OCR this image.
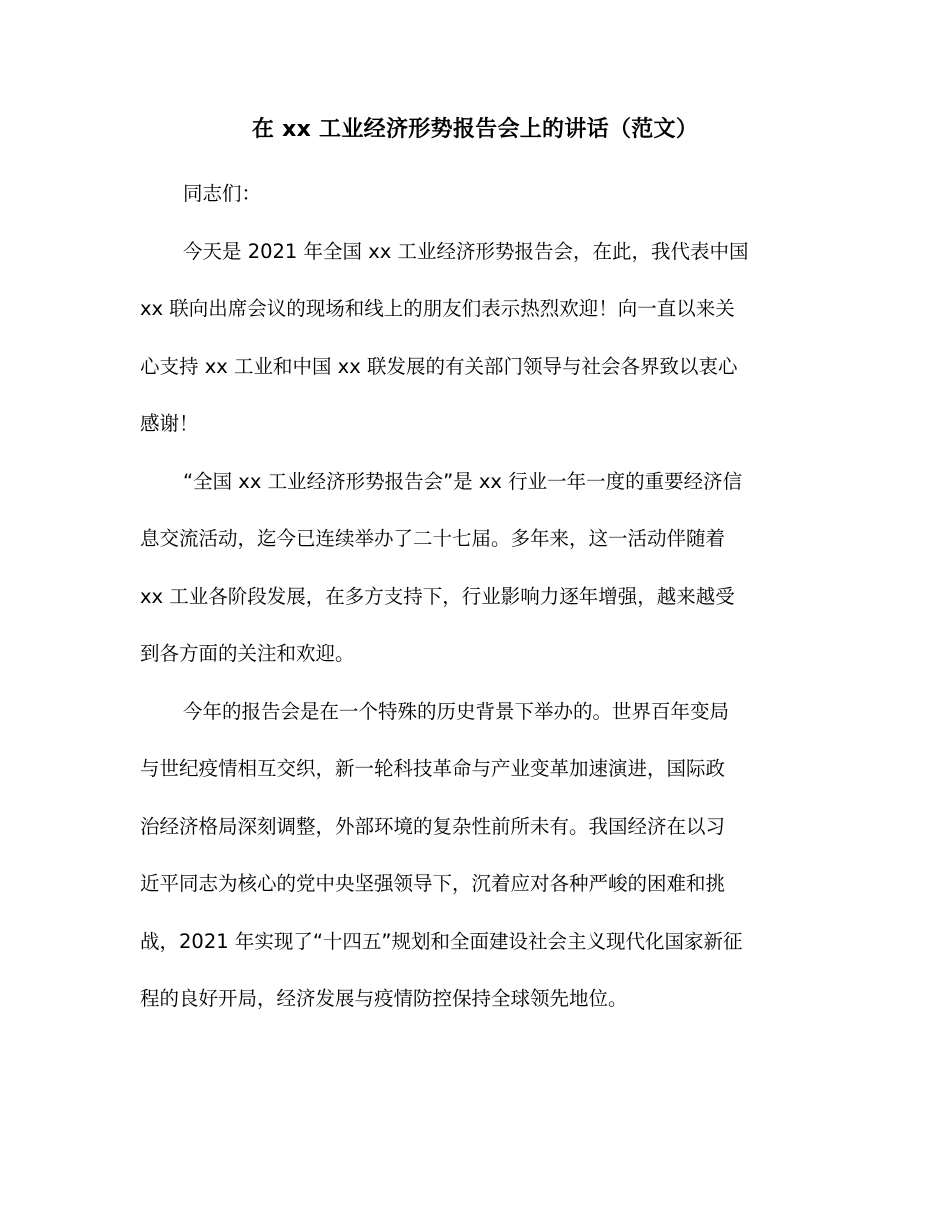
在 xx 工业经济形势报告会上的讲话（范文）

同志们：

今天是 2021 年全国 xx 工业经济形势报告会，在此，我代表中国
xx 联向出席会议的现场和线上的朋友们表示热烈欢迎！向一直以来关
心支持 xx 工业和中国 xx 联发展的有关部门领导与社会各界致以衷心
感谢！

“全国 xx 工业经济形势报告会”是 xx 行业一年一度的重要经济信
息交流活动，迄今已连续举办了二十七届。多年来，这一活动伴随着
xx 工业各阶段发展，在多方支持下，行业影响力逐年增强，越来越受
到各方面的关注和欢迎。

今年的报告会是在一个特殊的历史背景下举办的。世界百年变局
与世纪疫情相互交织，新一轮科技革命与产业变革加速演进，国际政
治经济格局深刻调整，外部环境的复杂性前所未有。我国经济在以习
近平同志为核心的党中央坚强领导下，沉着应对各种严峻的困难和挑
战，2021 年实现了“十四五”规划和全面建设社会主义现代化国家新征
程的良好开局，经济发展与疫情防控保持全球领先地位。
